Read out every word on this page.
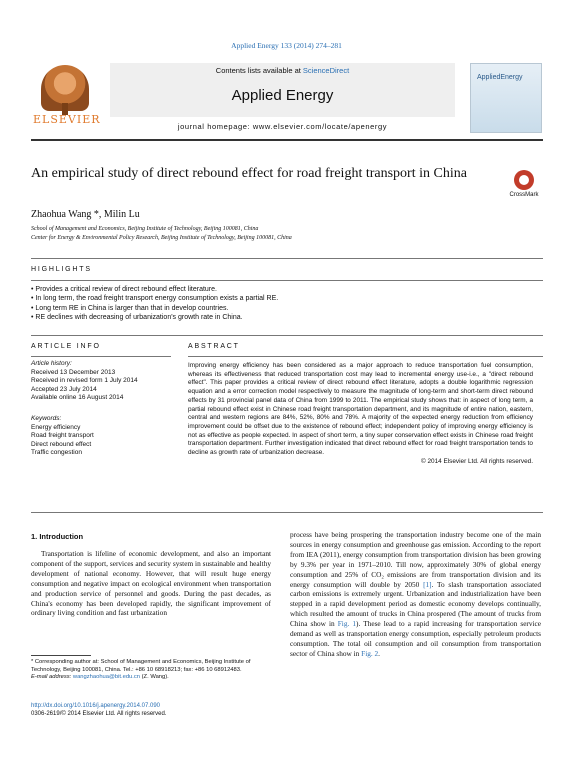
Applied Energy 133 (2014) 274–281
ELSEVIER
Contents lists available at ScienceDirect
Applied Energy
journal homepage: www.elsevier.com/locate/apenergy
AppliedEnergy
An empirical study of direct rebound effect for road freight transport in China
CrossMark
Zhaohua Wang *, Milin Lu
School of Management and Economics, Beijing Institute of Technology, Beijing 100081, China
Center for Energy & Environmental Policy Research, Beijing Institute of Technology, Beijing 100081, China
HIGHLIGHTS
• Provides a critical review of direct rebound effect literature.
• In long term, the road freight transport energy consumption exists a partial RE.
• Long term RE in China is larger than that in develop countries.
• RE declines with decreasing of urbanization's growth rate in China.
ARTICLE INFO	ABSTRACT
Article history:
Received 13 December 2013
Received in revised form 1 July 2014
Accepted 23 July 2014
Available online 16 August 2014
Keywords:
Energy efficiency
Road freight transport
Direct rebound effect
Traffic congestion
Improving energy efficiency has been considered as a major approach to reduce transportation fuel consumption, whereas its effectiveness that reduced transportation cost may lead to incremental energy use-i.e., a "direct rebound effect". This paper provides a critical review of direct rebound effect literature, adopts a double logarithmic regression equation and a error correction model respectively to measure the magnitude of long-term and short-term direct rebound effects by 31 provincial panel data of China from 1999 to 2011. The empirical study shows that: in aspect of long term, a partial rebound effect exist in Chinese road freight transportation department, and its magnitude of entire nation, eastern, central and western regions are 84%, 52%, 80% and 78%. A majority of the expected energy reduction from efficiency improvement could be offset due to the existence of rebound effect; independent policy of improving energy efficiency is not as effective as people expected. In aspect of short term, a tiny super conservation effect exists in Chinese road freight transportation department. Further investigation indicated that direct rebound effect for road freight transportation tends to decline as growth rate of urbanization decrease.
© 2014 Elsevier Ltd. All rights reserved.
1. Introduction
Transportation is lifeline of economic development, and also an important component of the support, services and security system in sustainable and healthy development of national economy. However, that will result huge energy consumption and negative impact on ecological environment when transportation and production service of personnel and goods. During the past decades, as China's economy has been developed rapidly, the significant improvement of ordinary living condition and fast urbanization
process have being prospering the transportation industry become one of the main sources in energy consumption and greenhouse gas emission. According to the report from IEA (2011), energy consumption from transportation division has been growing by 9.3% per year in 1971–2010. Till now, approximately 30% of global energy consumption and 25% of CO₂ emissions are from transportation division and its energy consumption will double by 2050 [1]. To slash transportation associated carbon emissions is extremely urgent. Urbanization and industrialization have been stepped in a rapid development period as domestic economy develops continually, which resulted the amount of trucks in China prospered (The amount of trucks from China show in Fig. 1). These lead to a rapid increasing for transportation service demand as well as transportation energy consumption, especially petroleum products consumption. The total oil consumption and oil consumption from transportation sector of China show in Fig. 2.
* Corresponding author at: School of Management and Economics, Beijing Institute of Technology, Beijing 100081, China. Tel.: +86 10 68918213; fax: +86 10 68912483.
E-mail address: wangzhaohua@bit.edu.cn (Z. Wang).
http://dx.doi.org/10.1016/j.apenergy.2014.07.090
0306-2619/© 2014 Elsevier Ltd. All rights reserved.
